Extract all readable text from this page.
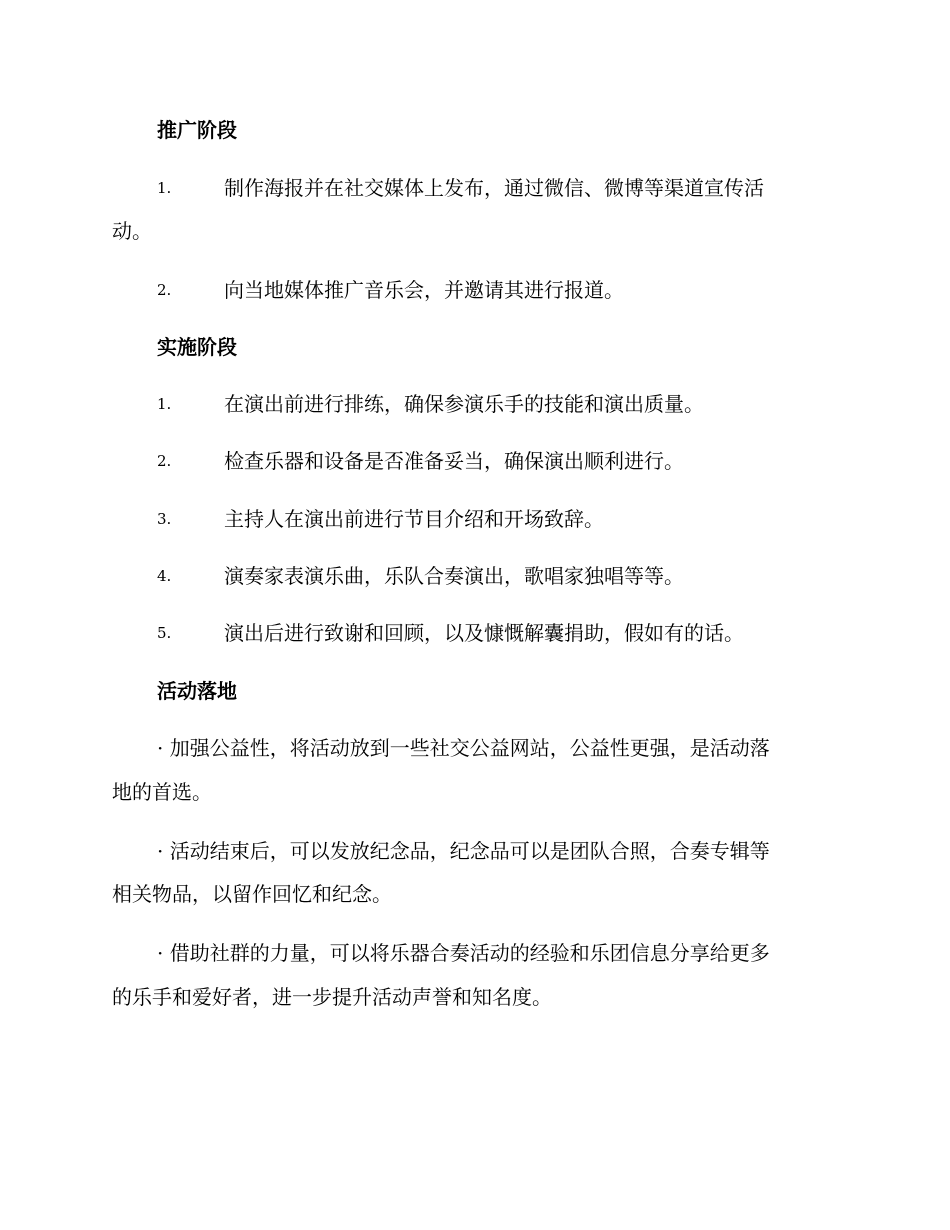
推广阶段
1.	制作海报并在社交媒体上发布，通过微信、微博等渠道宣传活
动。
2.	向当地媒体推广音乐会，并邀请其进行报道。
实施阶段
1.	在演出前进行排练，确保参演乐手的技能和演出质量。
2.	检查乐器和设备是否准备妥当，确保演出顺利进行。
3.	主持人在演出前进行节目介绍和开场致辞。
4.	演奏家表演乐曲，乐队合奏演出，歌唱家独唱等等。
5.	演出后进行致谢和回顾，以及慷慨解囊捐助，假如有的话。
活动落地
· 加强公益性，将活动放到一些社交公益网站，公益性更强，是活动落
地的首选。
· 活动结束后，可以发放纪念品，纪念品可以是团队合照，合奏专辑等
相关物品，以留作回忆和纪念。
· 借助社群的力量，可以将乐器合奏活动的经验和乐团信息分享给更多
的乐手和爱好者，进一步提升活动声誉和知名度。
